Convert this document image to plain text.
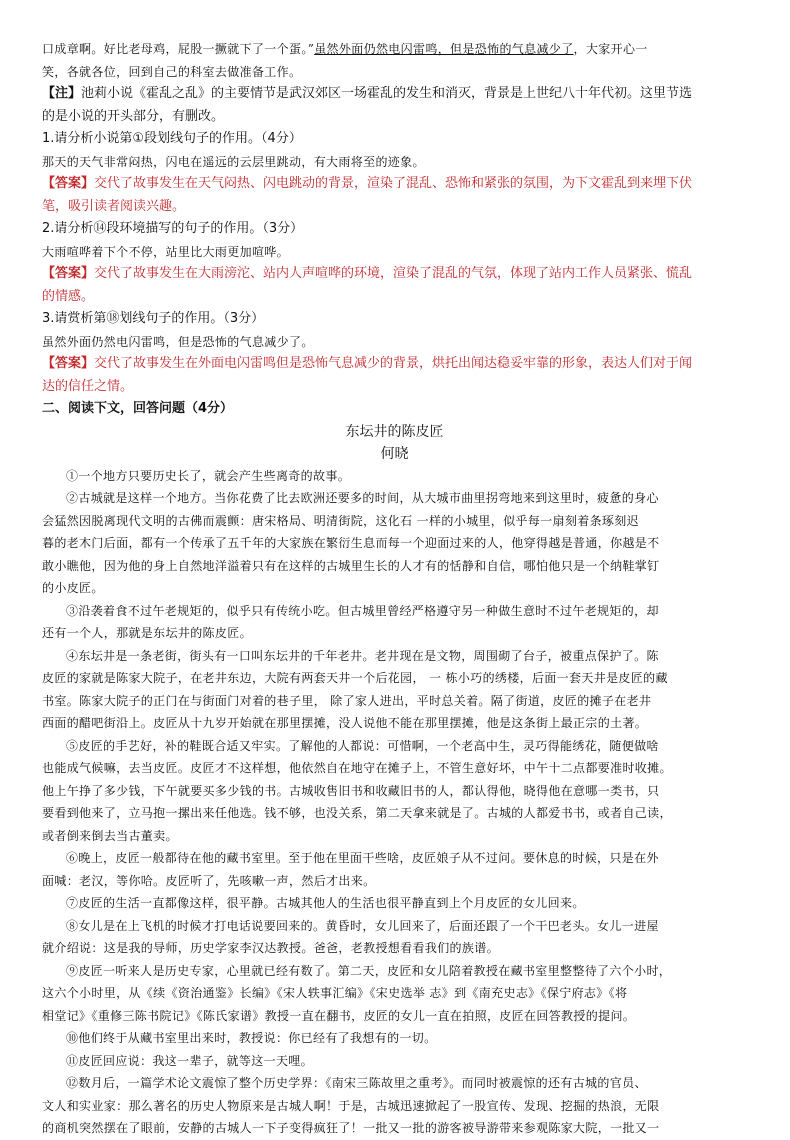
口成章啊。好比老母鸡，屁股一撅就下了一个蛋。”虽然外面仍然电闪雷鸣，但是恐怖的气息减少了，大家开心一
笑，各就各位，回到自己的科室去做准备工作。
【注】池莉小说《霍乱之乱》的主要情节是武汉郊区一场霍乱的发生和消灭，背景是上世纪八十年代初。这里节选
的是小说的开头部分，有删改。
1.请分析小说第①段划线句子的作用。（4分）
那天的天气非常闷热，闪电在遥远的云层里跳动，有大雨将至的迹象。
【答案】交代了故事发生在天气闷热、闪电跳动的背景，渲染了混乱、恐怖和紧张的氛围，为下文霍乱到来埋下伏
笔，吸引读者阅读兴趣。
2.请分析⑭段环境描写的句子的作用。（3分）
大雨喧哗着下个不停，站里比大雨更加喧哗。
【答案】交代了故事发生在大雨滂沱、站内人声喧哗的环境，渲染了混乱的气氛，体现了站内工作人员紧张、慌乱
的情感。
3.请赏析第⑱划线句子的作用。（3分）
虽然外面仍然电闪雷鸣，但是恐怖的气息减少了。
【答案】交代了故事发生在外面电闪雷鸣但是恐怖气息减少的背景，烘托出闻达稳妥牢靠的形象，表达人们对于闻
达的信任之情。
二、阅读下文，回答问题（4分）
东坛井的陈皮匠
何晓
①一个地方只要历史长了，就会产生些离奇的故事。
②古城就是这样一个地方。当你花费了比去欧洲还要多的时间，从大城市曲里拐弯地来到这里时，疲惫的身心
会猛然因脱离现代文明的古佛而震颤：唐宋格局、明清街院，这化石 一样的小城里，似乎每一扇刻着条琢刻迟
暮的老木门后面，都有一个传承了五千年的大家族在繁衍生息而每一个迎面过来的人，他穿得越是普通，你越是不
敢小瞧他，因为他的身上自然地洋溢着只有在这样的古城里生长的人才有的恬静和自信，哪怕他只是一个纳鞋掌钉
的小皮匠。
③沿袭着食不过午老规矩的，似乎只有传统小吃。但古城里曾经严格遵守另一种做生意时不过午老规矩的，却
还有一个人，那就是东坛井的陈皮匠。
④东坛井是一条老街，街头有一口叫东坛井的千年老井。老井现在是文物，周围砌了台子，被重点保护了。陈
皮匠的家就是陈家大院子，在老井东边，大院有两套天井一个后花园， 一 栋小巧的绣楼，后面一套天井是皮匠的藏
书室。陈家大院子的正门在与街面门对着的巷子里， 除了家人进出，平时总关着。隔了街道，皮匠的摊子在老井
西面的醋吧街沿上。皮匠从十九岁开始就在那里摆摊，没人说他不能在那里摆摊，他是这条街上最正宗的土著。
⑤皮匠的手艺好，补的鞋既合适又牢实。了解他的人都说：可惜啊，一个老高中生，灵巧得能绣花，随便做啥
也能成气候嘛，去当皮匠。皮匠才不这样想，他依然自在地守在摊子上，不管生意好坏，中午十二点都要准时收摊。
他上午挣了多少钱，下午就要买多少钱的书。古城收售旧书和收藏旧书的人，都认得他，晓得他在意哪一类书，只
要看到他来了，立马抱一摞出来任他选。钱不够，也没关系，第二天拿来就是了。古城的人都爱书书，或者自己读，
或者倒来倒去当古董卖。
⑥晚上，皮匠一般都待在他的藏书室里。至于他在里面干些啥，皮匠娘子从不过问。要休息的时候，只是在外
面喊：老汉，等你哈。皮匠听了，先咳嗽一声，然后才出来。
⑦皮匠的生活一直都像这样，很平静。古城其他人的生活也很平静直到上个月皮匠的女儿回来。
⑧女儿是在上飞机的时候才打电话说要回来的。黄昏时，女儿回来了，后面还跟了一个干巴老头。女儿一进屋
就介绍说：这是我的导师，历史学家李汉达教授。爸爸，老教授想看看我们的族谱。
⑨皮匠一听来人是历史专家，心里就已经有数了。第二天，皮匠和女儿陪着教授在藏书室里整整待了六个小时，
这六个小时里，从《续《资治通鉴》长编》《宋人轶事汇编》《宋史选举 志》到《南充史志》《保宁府志》《将
相堂记》《重修三陈书院记》《陈氏家谱》教授一直在翻书，皮匠的女儿一直在拍照，皮匠在回答教授的提问。
⑩他们终于从藏书室里出来时，教授说：你已经有了我想有的一切。
⑪皮匠回应说：我这一辈子，就等这一天哩。
⑫数月后，一篇学术论文震惊了整个历史学界：《南宋三陈故里之重考》。而同时被震惊的还有古城的官员、
文人和实业家：那么著名的历史人物原来是古城人啊！于是，古城迅速掀起了一股宣传、发现、挖掘的热浪，无限
的商机突然摆在了眼前，安静的古城人一下子变得疯狂了！一批又一批的游客被导游带来参观陈家大院，一批又一
